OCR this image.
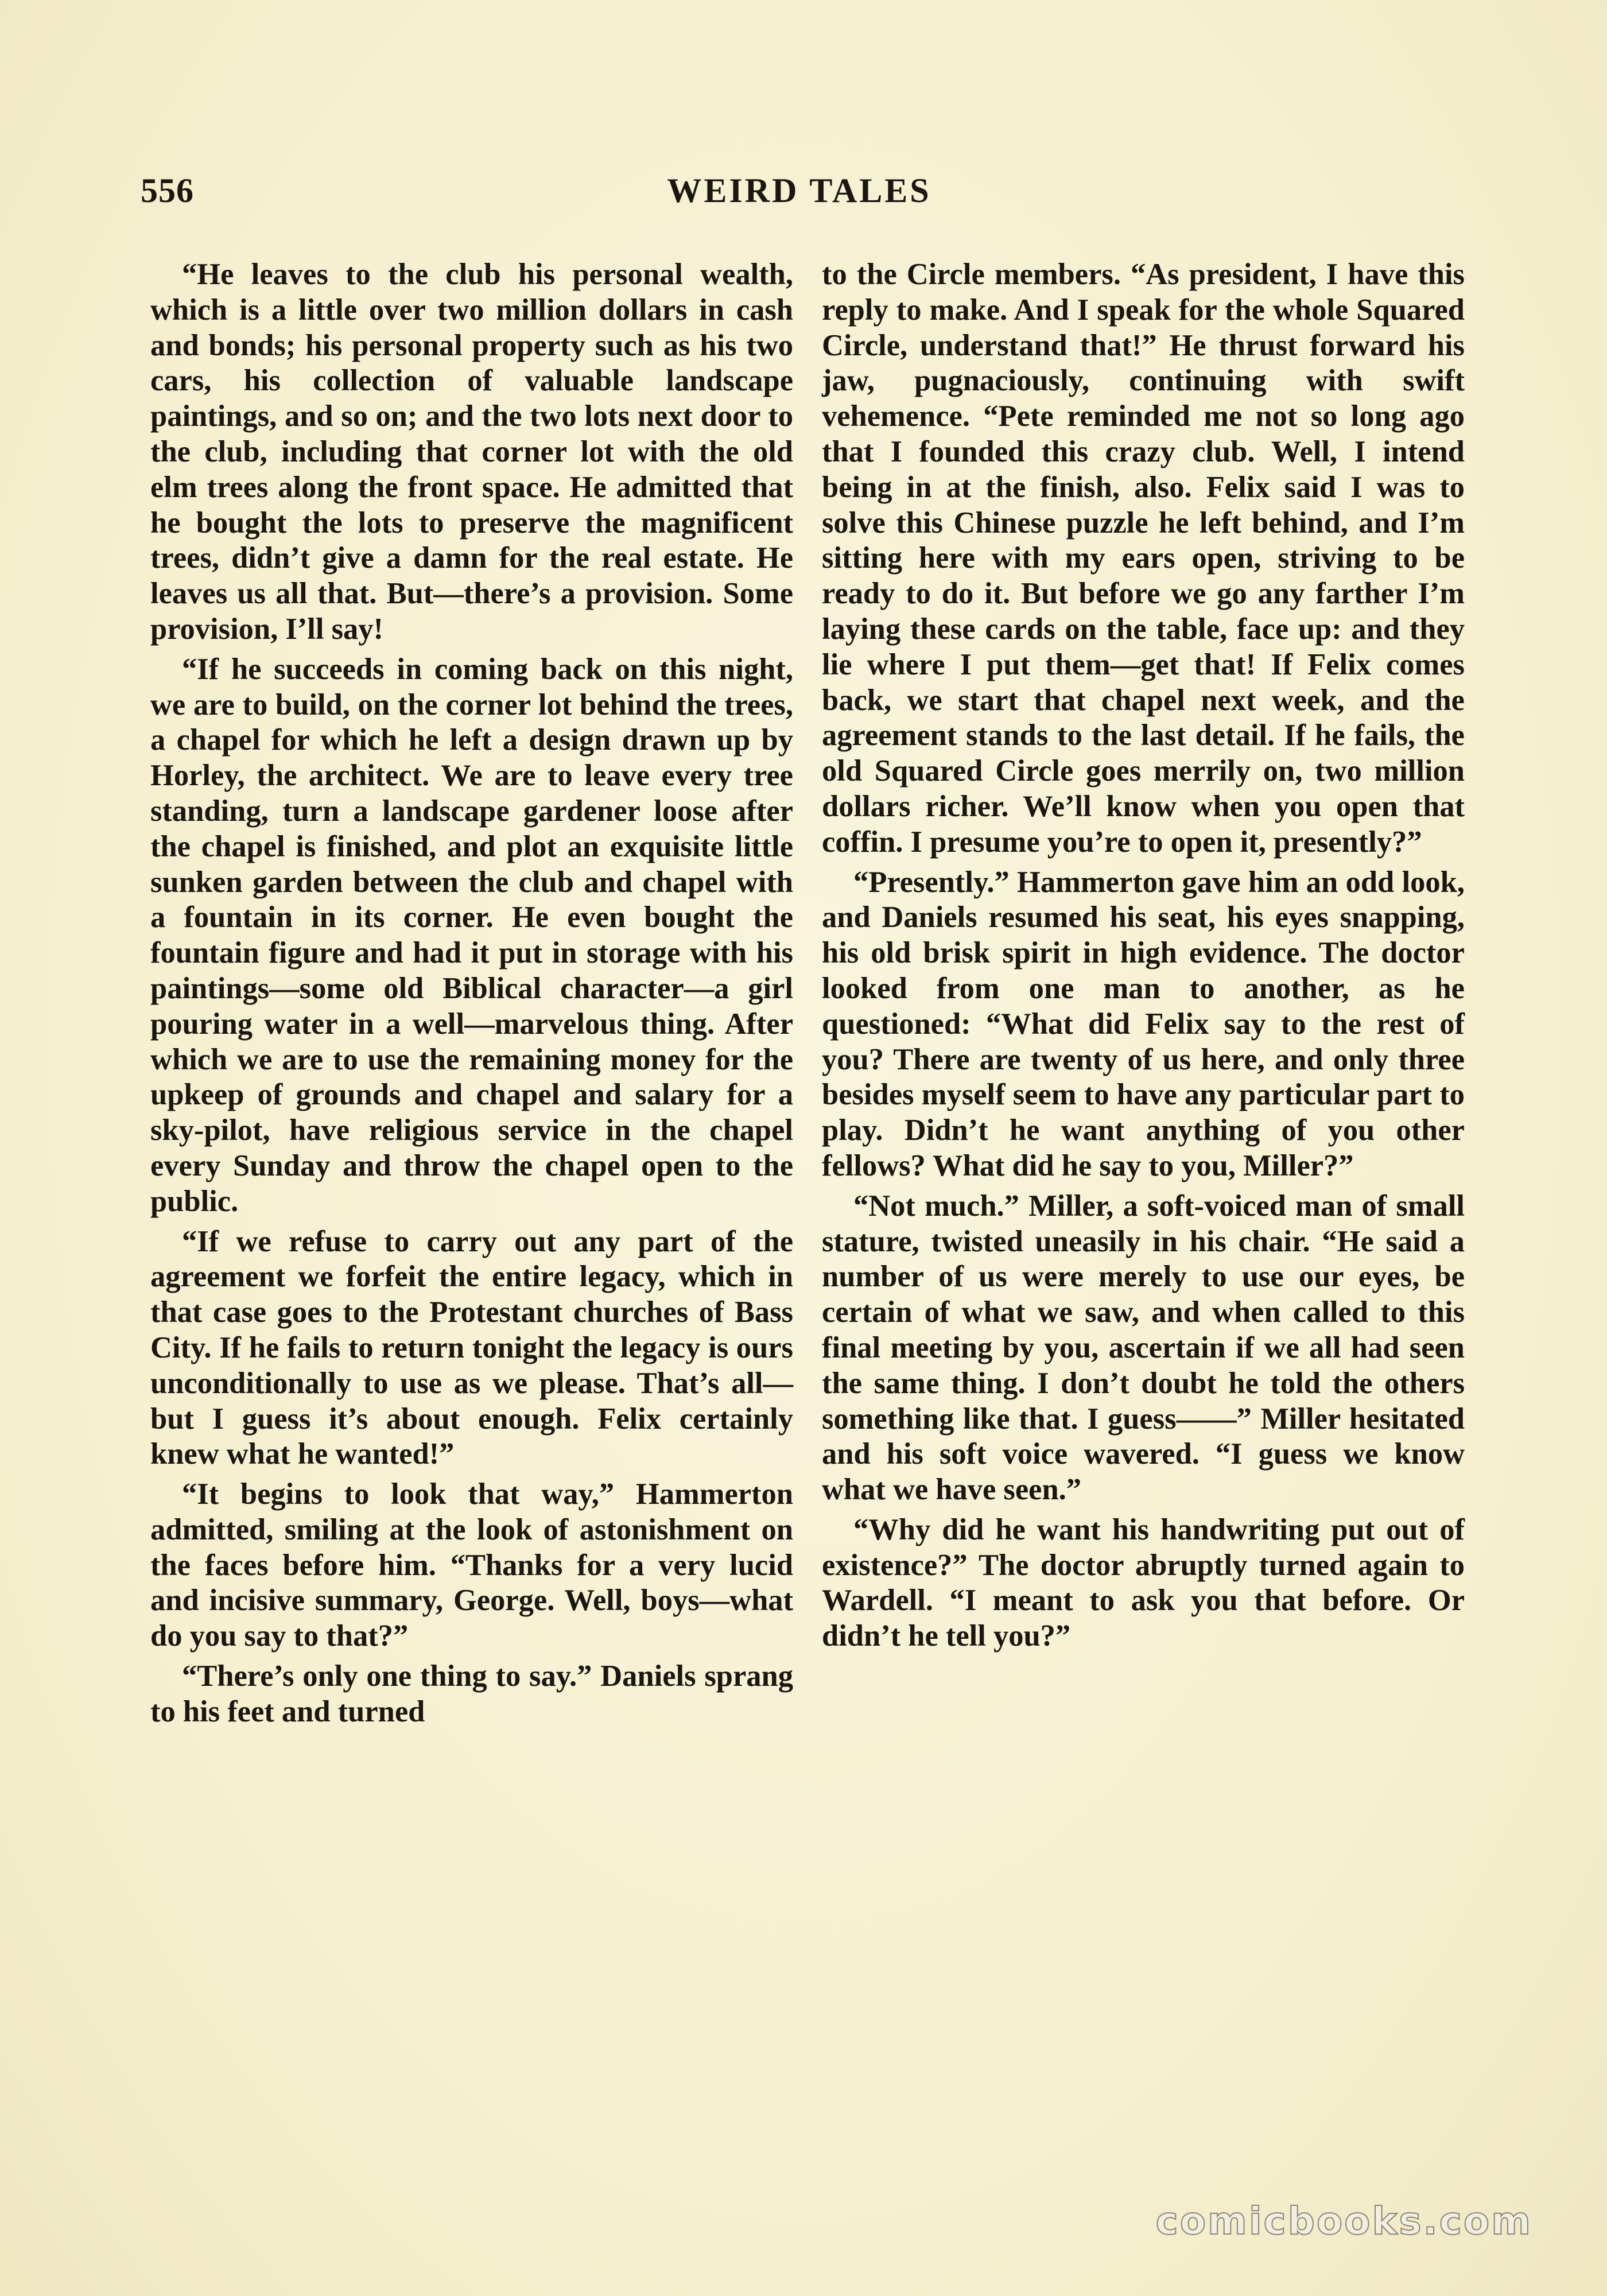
556	WEIRD TALES

“He leaves to the club his personal wealth, which is a little over two million dollars in cash and bonds; his personal property such as his two cars, his collection of valuable landscape paintings, and so on; and the two lots next door to the club, including that corner lot with the old elm trees along the front space. He admitted that he bought the lots to preserve the magnificent trees, didn’t give a damn for the real estate. He leaves us all that. But—there’s a provision. Some provision, I’ll say!

“If he succeeds in coming back on this night, we are to build, on the corner lot behind the trees, a chapel for which he left a design drawn up by Horley, the architect. We are to leave every tree standing, turn a landscape gardener loose after the chapel is finished, and plot an exquisite little sunken garden between the club and chapel with a fountain in its corner. He even bought the fountain figure and had it put in storage with his paintings—some old Biblical character—a girl pouring water in a well—marvelous thing. After which we are to use the remaining money for the upkeep of grounds and chapel and salary for a sky-pilot, have religious service in the chapel every Sunday and throw the chapel open to the public.

“If we refuse to carry out any part of the agreement we forfeit the entire legacy, which in that case goes to the Protestant churches of Bass City. If he fails to return tonight the legacy is ours unconditionally to use as we please. That’s all—but I guess it’s about enough. Felix certainly knew what he wanted!”

“It begins to look that way,” Hammerton admitted, smiling at the look of astonishment on the faces before him. “Thanks for a very lucid and incisive summary, George. Well, boys—what do you say to that?”

“There’s only one thing to say.” Daniels sprang to his feet and turned

to the Circle members. “As president, I have this reply to make. And I speak for the whole Squared Circle, understand that!” He thrust forward his jaw, pugnaciously, continuing with swift vehemence. “Pete reminded me not so long ago that I founded this crazy club. Well, I intend being in at the finish, also. Felix said I was to solve this Chinese puzzle he left behind, and I’m sitting here with my ears open, striving to be ready to do it. But before we go any farther I’m laying these cards on the table, face up: and they lie where I put them—get that! If Felix comes back, we start that chapel next week, and the agreement stands to the last detail. If he fails, the old Squared Circle goes merrily on, two million dollars richer. We’ll know when you open that coffin. I presume you’re to open it, presently?”

“Presently.” Hammerton gave him an odd look, and Daniels resumed his seat, his eyes snapping, his old brisk spirit in high evidence. The doctor looked from one man to another, as he questioned: “What did Felix say to the rest of you? There are twenty of us here, and only three besides myself seem to have any particular part to play. Didn’t he want anything of you other fellows? What did he say to you, Miller?”

“Not much.” Miller, a soft-voiced man of small stature, twisted uneasily in his chair. “He said a number of us were merely to use our eyes, be certain of what we saw, and when called to this final meeting by you, ascertain if we all had seen the same thing. I don’t doubt he told the others something like that. I guess——” Miller hesitated and his soft voice wavered. “I guess we know what we have seen.”

“Why did he want his handwriting put out of existence?” The doctor abruptly turned again to Wardell. “I meant to ask you that before. Or didn’t he tell you?”

comicbooks.com
